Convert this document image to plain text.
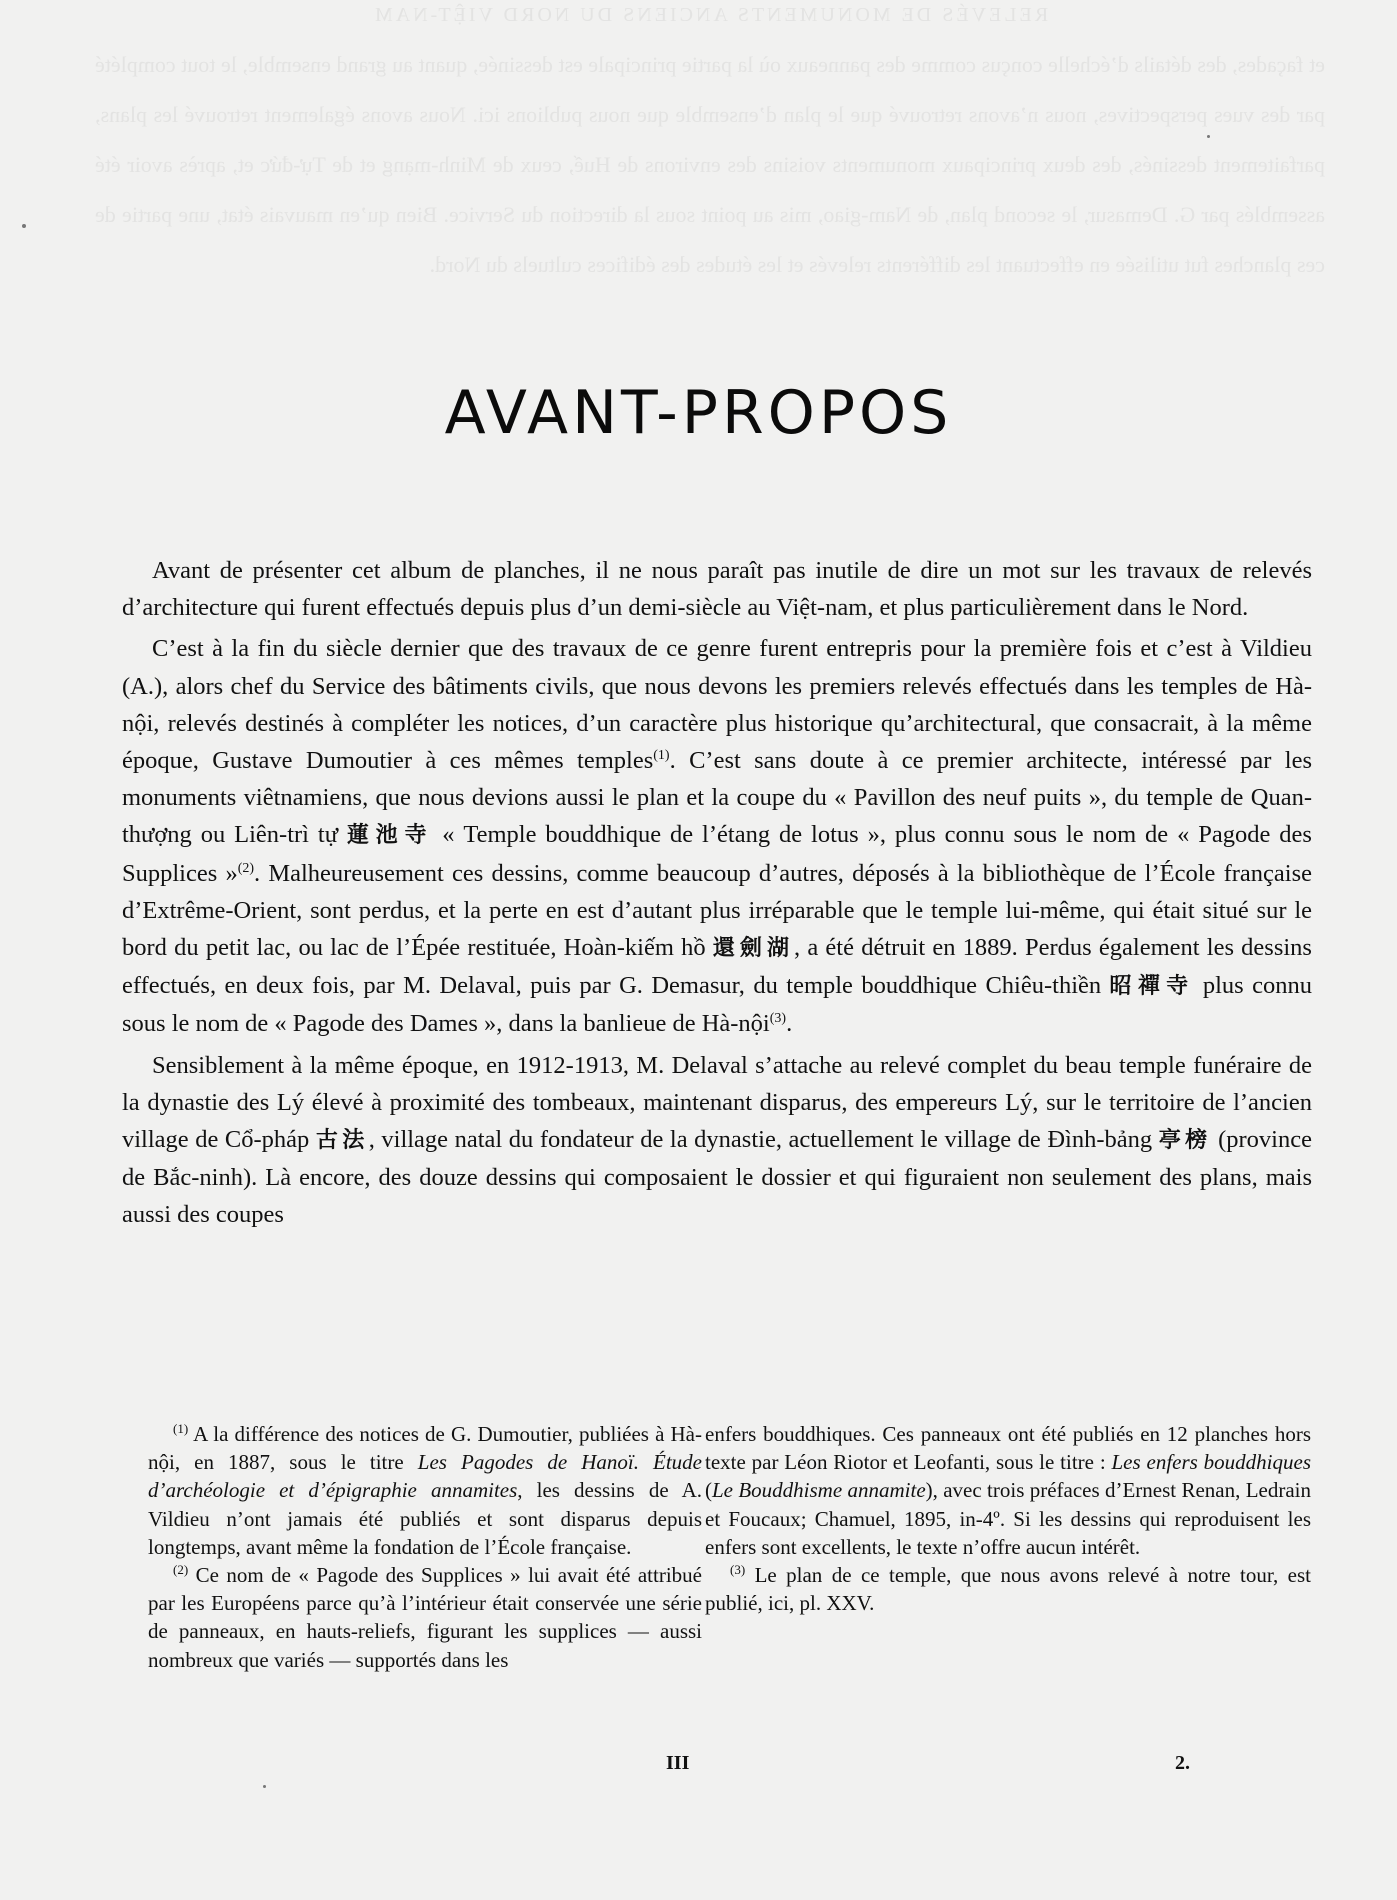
RELEVÉS DE MONUMENTS ANCIENS DU NORD VIỆT-NAM
et façades, des détails d’échelle conçus comme des panneaux où la partie principale est dessinée, quant au grand ensemble, le tout complété par des vues perspectives, nous n’avons retrouvé que le plan d’ensemble que nous publions ici. Nous avons également retrouvé les plans, parfaitement dessinés, des deux principaux monuments voisins des environs de Huế, ceux de Minh-mạng et de Tự-đức et, après avoir été assemblés par G. Demasur, le second plan, de Nam-giao, mis au point sous la direction du Service. Bien qu’en mauvais état, une partie de ces planches fut utilisée en effectuant les différents relevés et les études des édifices cultuels du Nord.
AVANT-PROPOS

Avant de présenter cet album de planches, il ne nous paraît pas inutile de dire un mot sur les travaux de relevés d’architecture qui furent effectués depuis plus d’un demi-siècle au Việt-nam, et plus particulièrement dans le Nord.

C’est à la fin du siècle dernier que des travaux de ce genre furent entrepris pour la première fois et c’est à Vildieu (A.), alors chef du Service des bâtiments civils, que nous devons les premiers relevés effectués dans les temples de Hà-nội, relevés destinés à compléter les notices, d’un caractère plus historique qu’architectural, que consacrait, à la même époque, Gustave Dumoutier à ces mêmes temples$^{(1)}$. C’est sans doute à ce premier architecte, intéressé par les monuments viêtnamiens, que nous devions aussi le plan et la coupe du « Pavillon des neuf puits », du temple de Quan-thượng ou Liên-trì tự 蓮池寺 « Temple bouddhique de l’étang de lotus », plus connu sous le nom de « Pagode des Supplices »$^{(2)}$. Malheureusement ces dessins, comme beaucoup d’autres, déposés à la bibliothèque de l’École française d’Extrême-Orient, sont perdus, et la perte en est d’autant plus irréparable que le temple lui-même, qui était situé sur le bord du petit lac, ou lac de l’Épée restituée, Hoàn-kiếm hồ 還劍湖, a été détruit en 1889. Perdus également les dessins effectués, en deux fois, par M. Delaval, puis par G. Demasur, du temple bouddhique Chiêu-thiền 昭禪寺 plus connu sous le nom de « Pagode des Dames », dans la banlieue de Hà-nội$^{(3)}$.

Sensiblement à la même époque, en 1912-1913, M. Delaval s’attache au relevé complet du beau temple funéraire de la dynastie des Lý élevé à proximité des tombeaux, maintenant disparus, des empereurs Lý, sur le territoire de l’ancien village de Cổ-pháp 古法, village natal du fondateur de la dynastie, actuellement le village de Đình-bảng 亭榜 (province de Bắc-ninh). Là encore, des douze dessins qui composaient le dossier et qui figuraient non seulement des plans, mais aussi des coupes

$^{(1)}$ A la différence des notices de G. Dumoutier, publiées à Hà-nội, en 1887, sous le titre Les Pagodes de Hanoï. Étude d’archéologie et d’épigraphie annamites, les dessins de A. Vildieu n’ont jamais été publiés et sont disparus depuis longtemps, avant même la fondation de l’École française.

$^{(2)}$ Ce nom de « Pagode des Supplices » lui avait été attribué par les Européens parce qu’à l’intérieur était conservée une série de panneaux, en hauts-reliefs, figurant les supplices — aussi nombreux que variés — supportés dans les

enfers bouddhiques. Ces panneaux ont été publiés en 12 planches hors texte par Léon Riotor et Leofanti, sous le titre : Les enfers bouddhiques (Le Bouddhisme annamite), avec trois préfaces d’Ernest Renan, Ledrain et Foucaux; Chamuel, 1895, in-4º. Si les dessins qui reproduisent les enfers sont excellents, le texte n’offre aucun intérêt.

$^{(3)}$ Le plan de ce temple, que nous avons relevé à notre tour, est publié, ici, pl. XXV.

III	2.
